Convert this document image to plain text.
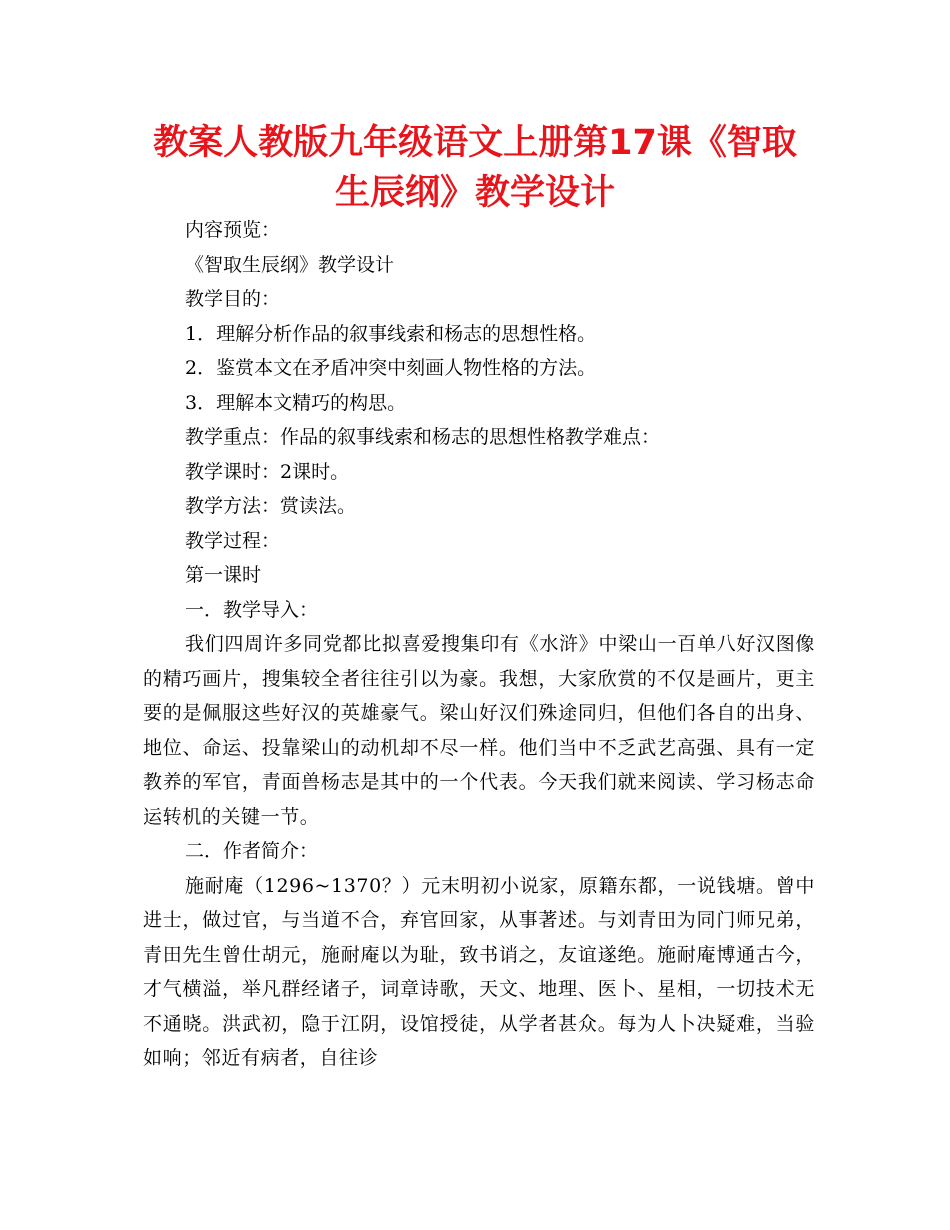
教案人教版九年级语文上册第17课《智取
生辰纲》教学设计

内容预览：

《智取生辰纲》教学设计

教学目的：

1．理解分析作品的叙事线索和杨志的思想性格。

2．鉴赏本文在矛盾冲突中刻画人物性格的方法。

3．理解本文精巧的构思。

教学重点：作品的叙事线索和杨志的思想性格教学难点：

教学课时：2课时。

教学方法：赏读法。

教学过程：

第一课时

一．教学导入：

我们四周许多同党都比拟喜爱搜集印有《水浒》中梁山一百单八好汉图像的精巧画片，搜集较全者往往引以为豪。我想，大家欣赏的不仅是画片，更主要的是佩服这些好汉的英雄豪气。梁山好汉们殊途同归，但他们各自的出身、地位、命运、投靠梁山的动机却不尽一样。他们当中不乏武艺高强、具有一定教养的军官，青面兽杨志是其中的一个代表。今天我们就来阅读、学习杨志命运转机的关键一节。

二．作者简介：

施耐庵（1296~1370？）元末明初小说家，原籍东都，一说钱塘。曾中进士，做过官，与当道不合，弃官回家，从事著述。与刘青田为同门师兄弟，青田先生曾仕胡元，施耐庵以为耻，致书诮之，友谊遂绝。施耐庵博通古今，才气横溢，举凡群经诸子，词章诗歌，天文、地理、医卜、星相，一切技术无不通晓。洪武初，隐于江阴，设馆授徒，从学者甚众。每为人卜决疑难，当验如响；邻近有病者，自往诊
